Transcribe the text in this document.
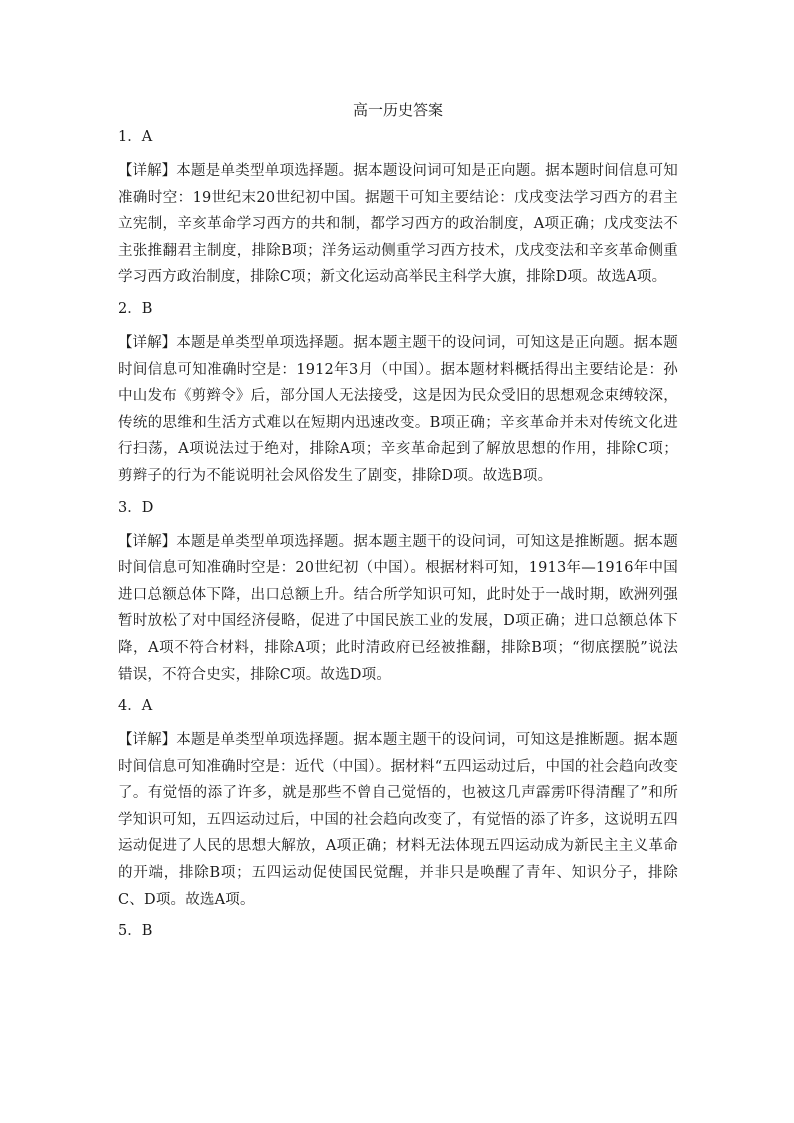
高一历史答案
1．A
【详解】本题是单类型单项选择题。据本题设问词可知是正向题。据本题时间信息可知准确时空：19世纪末20世纪初中国。据题干可知主要结论：戊戌变法学习西方的君主立宪制，辛亥革命学习西方的共和制，都学习西方的政治制度，A项正确；戊戌变法不主张推翻君主制度，排除B项；洋务运动侧重学习西方技术，戊戌变法和辛亥革命侧重学习西方政治制度，排除C项；新文化运动高举民主科学大旗，排除D项。故选A项。
2．B
【详解】本题是单类型单项选择题。据本题主题干的设问词，可知这是正向题。据本题时间信息可知准确时空是：1912年3月（中国）。据本题材料概括得出主要结论是：孙中山发布《剪辫令》后，部分国人无法接受，这是因为民众受旧的思想观念束缚较深，传统的思维和生活方式难以在短期内迅速改变。B项正确；辛亥革命并未对传统文化进行扫荡，A项说法过于绝对，排除A项；辛亥革命起到了解放思想的作用，排除C项；剪辫子的行为不能说明社会风俗发生了剧变，排除D项。故选B项。
3．D
【详解】本题是单类型单项选择题。据本题主题干的设问词，可知这是推断题。据本题时间信息可知准确时空是：20世纪初（中国）。根据材料可知，1913年—1916年中国进口总额总体下降，出口总额上升。结合所学知识可知，此时处于一战时期，欧洲列强暂时放松了对中国经济侵略，促进了中国民族工业的发展，D项正确；进口总额总体下降，A项不符合材料，排除A项；此时清政府已经被推翻，排除B项；“彻底摆脱”说法错误，不符合史实，排除C项。故选D项。
4．A
【详解】本题是单类型单项选择题。据本题主题干的设问词，可知这是推断题。据本题时间信息可知准确时空是：近代（中国）。据材料“五四运动过后，中国的社会趋向改变了。有觉悟的添了许多，就是那些不曾自己觉悟的，也被这几声霹雳吓得清醒了”和所学知识可知，五四运动过后，中国的社会趋向改变了，有觉悟的添了许多，这说明五四运动促进了人民的思想大解放，A项正确；材料无法体现五四运动成为新民主主义革命的开端，排除B项；五四运动促使国民觉醒，并非只是唤醒了青年、知识分子，排除C、D项。故选A项。
5．B
